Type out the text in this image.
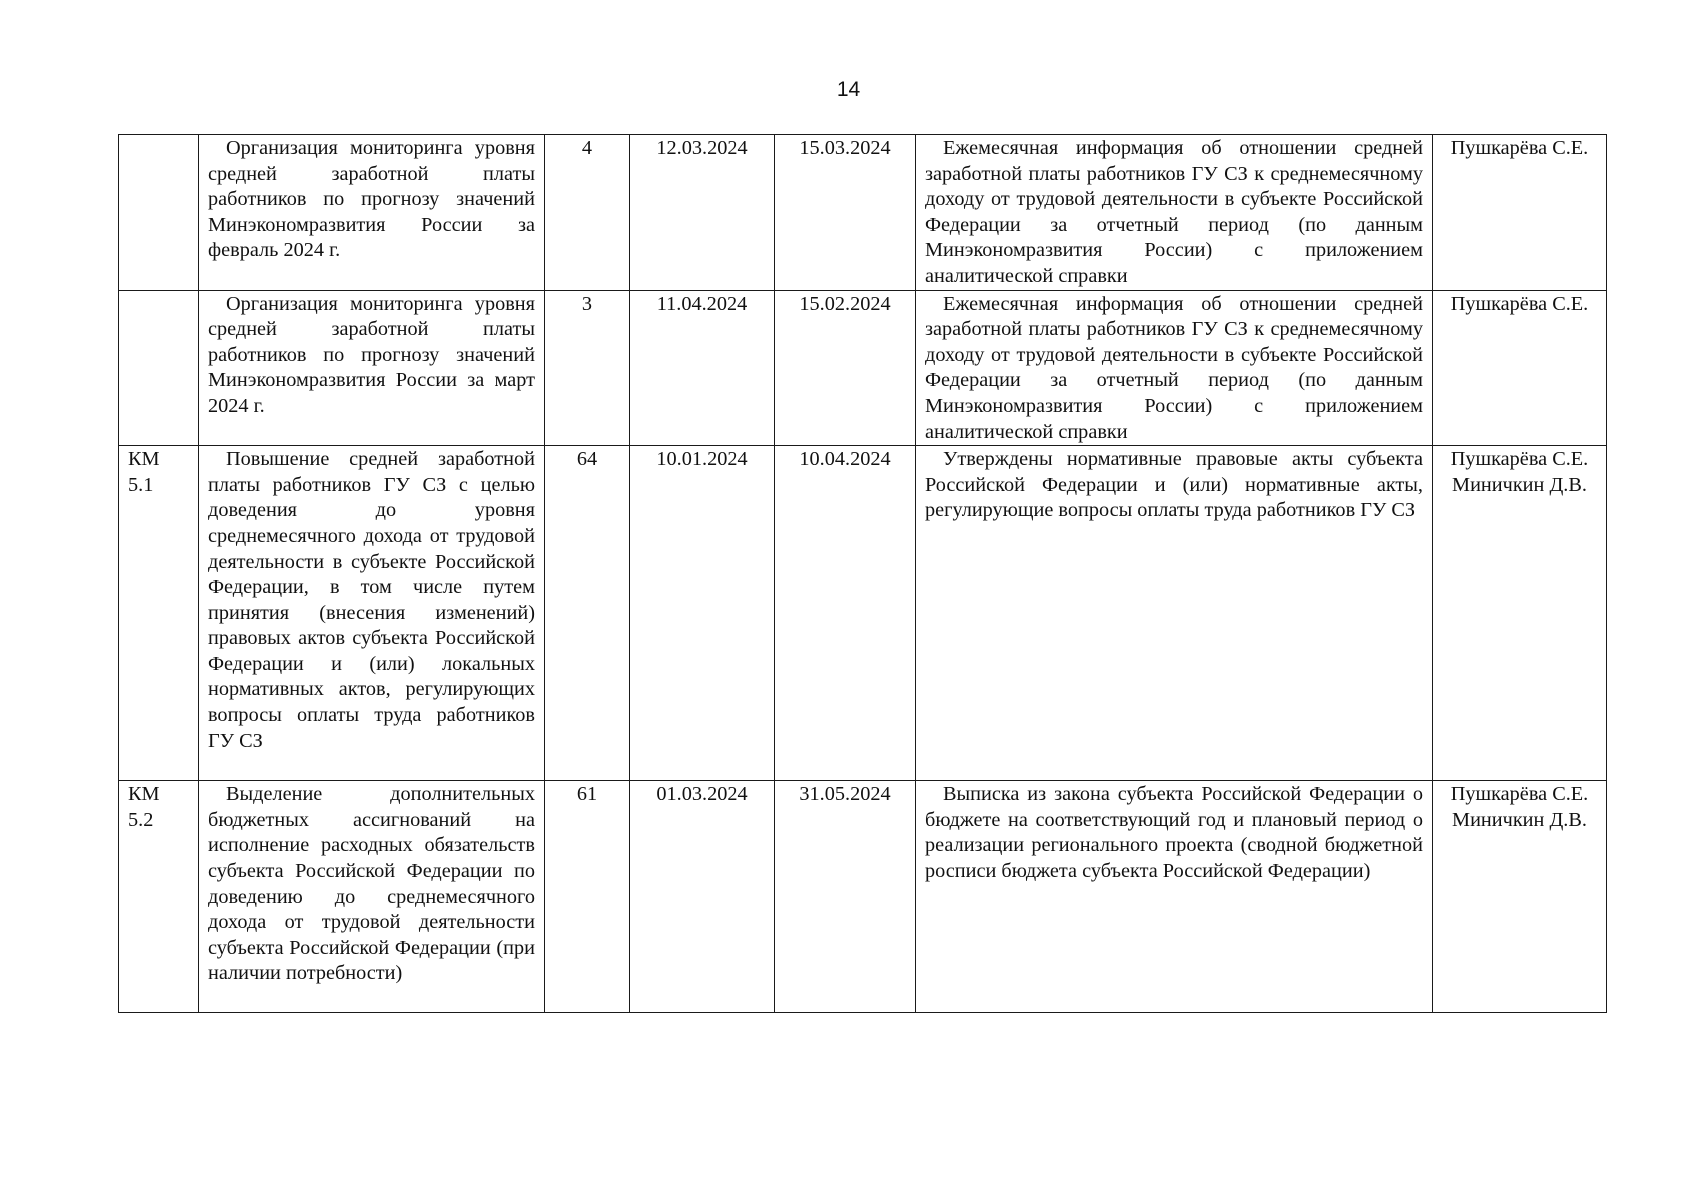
14

	Организация мониторинга уровня средней заработной платы работников по прогнозу значений Минэкономразвития России за февраль 2024 г.	4	12.03.2024	15.03.2024	Ежемесячная информация об отношении средней заработной платы работников ГУ СЗ к среднемесячному доходу от трудовой деятельности в субъекте Российской Федерации за отчетный период (по данным Минэкономразвития России) с приложением аналитической справки	Пушкарёва С.Е.

	Организация мониторинга уровня средней заработной платы работников по прогнозу значений Минэкономразвития России за март 2024 г.	3	11.04.2024	15.02.2024	Ежемесячная информация об отношении средней заработной платы работников ГУ СЗ к среднемесячному доходу от трудовой деятельности в субъекте Российской Федерации за отчетный период (по данным Минэкономразвития России) с приложением аналитической справки	Пушкарёва С.Е.

КМ 5.1	Повышение средней заработной платы работников ГУ СЗ с целью доведения до уровня среднемесячного дохода от трудовой деятельности в субъекте Российской Федерации, в том числе путем принятия (внесения изменений) правовых актов субъекта Российской Федерации и (или) локальных нормативных актов, регулирующих вопросы оплаты труда работников ГУ СЗ	64	10.01.2024	10.04.2024	Утверждены нормативные правовые акты субъекта Российской Федерации и (или) нормативные акты, регулирующие вопросы оплаты труда работников ГУ СЗ	Пушкарёва С.Е.
Миничкин Д.В.

КМ 5.2	Выделение дополнительных бюджетных ассигнований на исполнение расходных обязательств субъекта Российской Федерации по доведению до среднемесячного дохода от трудовой деятельности субъекта Российской Федерации (при наличии потребности)	61	01.03.2024	31.05.2024	Выписка из закона субъекта Российской Федерации о бюджете на соответствующий год и плановый период о реализации регионального проекта (сводной бюджетной росписи бюджета субъекта Российской Федерации)	Пушкарёва С.Е.
Миничкин Д.В.
